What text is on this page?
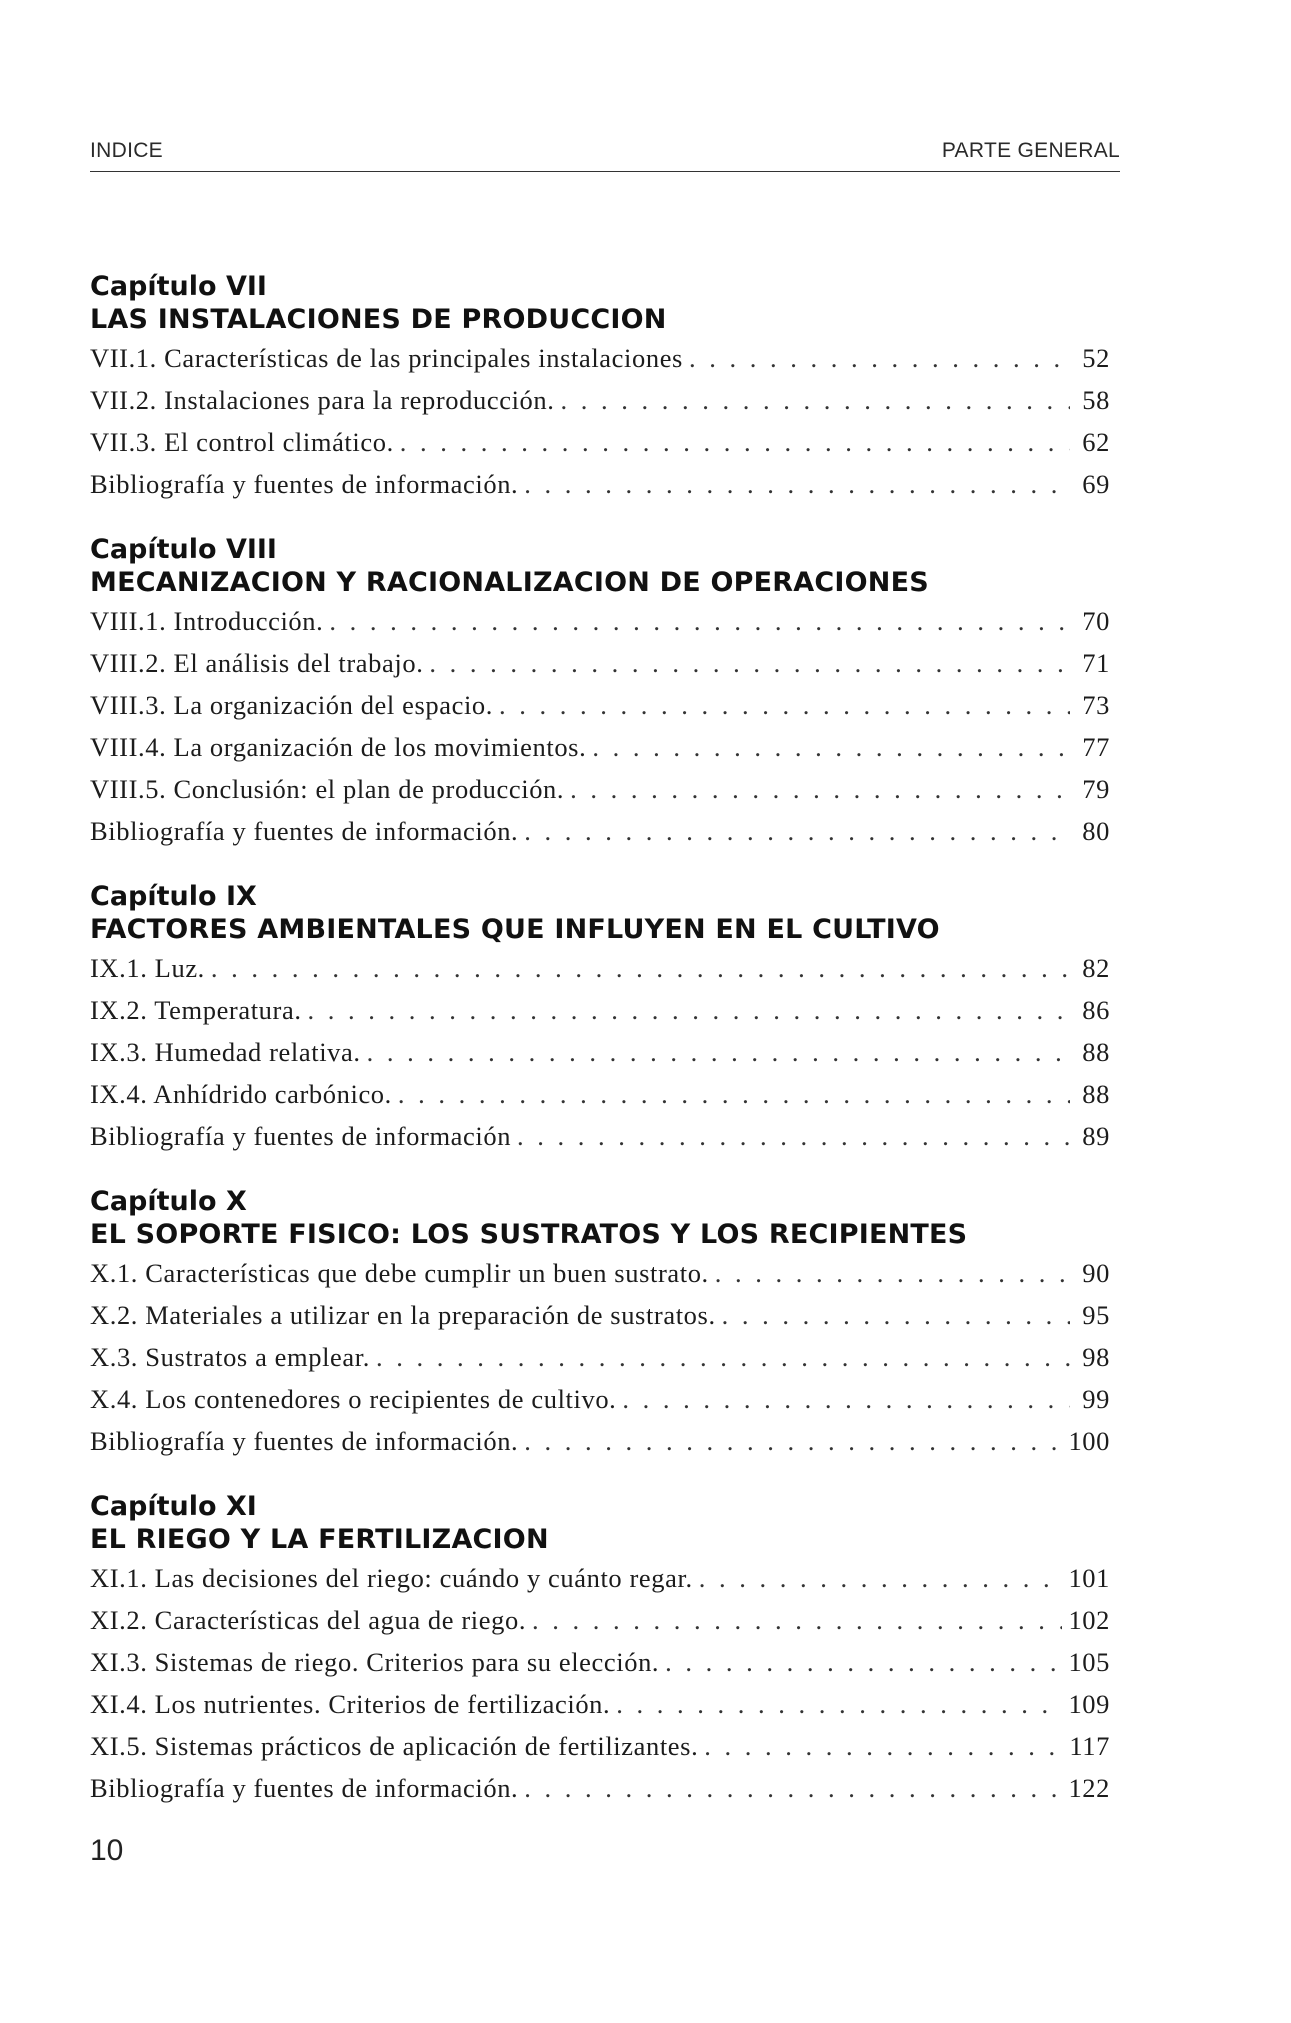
INDICE	PARTE GENERAL
Capítulo VII
LAS INSTALACIONES DE PRODUCCION
VII.1. Características de las principales instalaciones . . .	52
VII.2. Instalaciones para la reproducción. . . .	58
VII.3. El control climático. . . .	62
Bibliografía y fuentes de información. . . .	69
Capítulo VIII
MECANIZACION Y RACIONALIZACION DE OPERACIONES
VIII.1. Introducción. . . .	70
VIII.2. El análisis del trabajo. . . .	71
VIII.3. La organización del espacio. . . .	73
VIII.4. La organización de los movimientos. . . .	77
VIII.5. Conclusión: el plan de producción. . . .	79
Bibliografía y fuentes de información. . . .	80
Capítulo IX
FACTORES AMBIENTALES QUE INFLUYEN EN EL CULTIVO
IX.1. Luz. . . .	82
IX.2. Temperatura. . . .	86
IX.3. Humedad relativa. . . .	88
IX.4. Anhídrido carbónico. . . .	88
Bibliografía y fuentes de información . . .	89
Capítulo X
EL SOPORTE FISICO: LOS SUSTRATOS Y LOS RECIPIENTES
X.1. Características que debe cumplir un buen sustrato. . . .	90
X.2. Materiales a utilizar en la preparación de sustratos. . . .	95
X.3. Sustratos a emplear. . . .	98
X.4. Los contenedores o recipientes de cultivo. . . .	99
Bibliografía y fuentes de información. . . .	100
Capítulo XI
EL RIEGO Y LA FERTILIZACION
XI.1. Las decisiones del riego: cuándo y cuánto regar. . . .	101
XI.2. Características del agua de riego. . . .	102
XI.3. Sistemas de riego. Criterios para su elección. . . .	105
XI.4. Los nutrientes. Criterios de fertilización. . . .	109
XI.5. Sistemas prácticos de aplicación de fertilizantes. . . .	117
Bibliografía y fuentes de información. . . .	122
10
